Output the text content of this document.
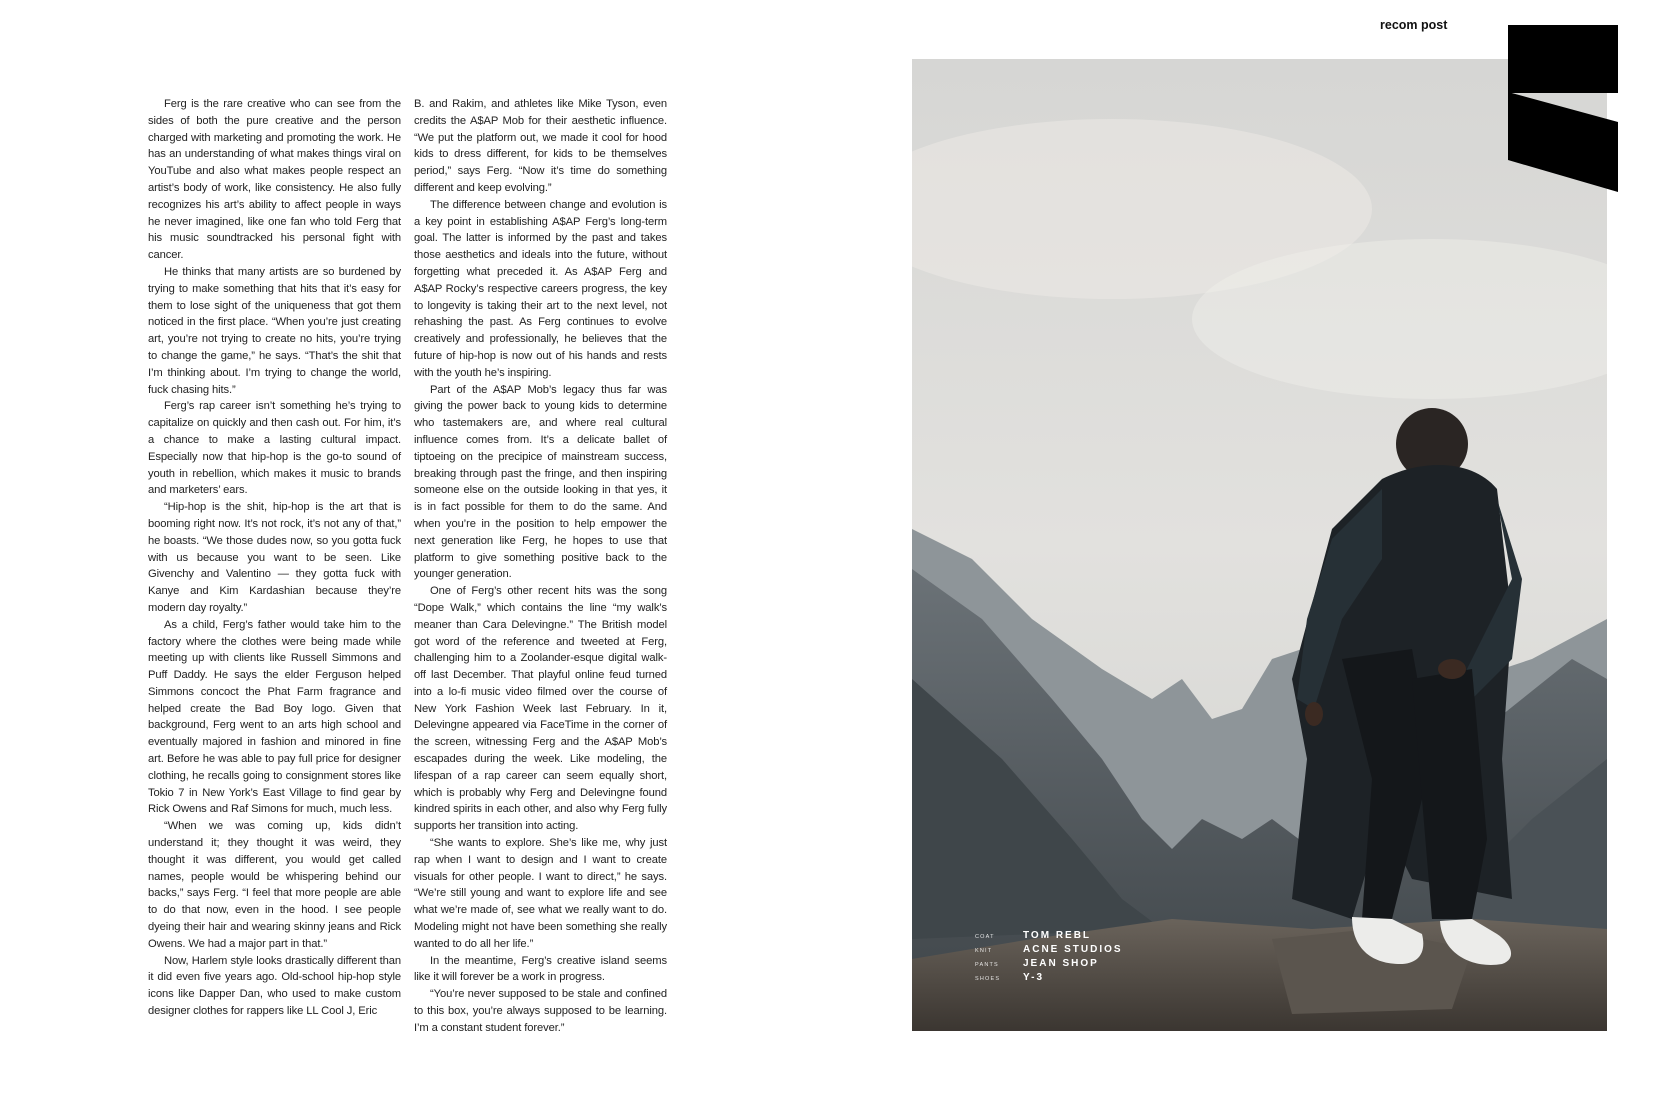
recom post

Ferg is the rare creative who can see from the sides of both the pure creative and the person charged with marketing and promoting the work. He has an understanding of what makes things viral on YouTube and also what makes people respect an artist’s body of work, like consistency. He also fully recognizes his art’s ability to affect people in ways he never imagined, like one fan who told Ferg that his music soundtracked his personal fight with cancer.

He thinks that many artists are so burdened by trying to make something that hits that it’s easy for them to lose sight of the uniqueness that got them noticed in the first place. “When you’re just creating art, you’re not trying to create no hits, you’re trying to change the game,” he says. “That’s the shit that I’m thinking about. I’m trying to change the world, fuck chasing hits.”

Ferg’s rap career isn’t something he’s trying to capitalize on quickly and then cash out. For him, it’s a chance to make a lasting cultural impact. Especially now that hip-hop is the go-to sound of youth in rebellion, which makes it music to brands and marketers’ ears.

“Hip-hop is the shit, hip-hop is the art that is booming right now. It’s not rock, it’s not any of that,” he boasts. “We those dudes now, so you gotta fuck with us because you want to be seen. Like Givenchy and Valentino — they gotta fuck with Kanye and Kim Kardashian because they’re modern day royalty.”

As a child, Ferg’s father would take him to the factory where the clothes were being made while meeting up with clients like Russell Simmons and Puff Daddy. He says the elder Ferguson helped Simmons concoct the Phat Farm fragrance and helped create the Bad Boy logo. Given that background, Ferg went to an arts high school and eventually majored in fashion and minored in fine art. Before he was able to pay full price for designer clothing, he recalls going to consignment stores like Tokio 7 in New York’s East Village to find gear by Rick Owens and Raf Simons for much, much less.

“When we was coming up, kids didn’t understand it; they thought it was weird, they thought it was different, you would get called names, people would be whispering behind our backs,” says Ferg. “I feel that more people are able to do that now, even in the hood. I see people dyeing their hair and wearing skinny jeans and Rick Owens. We had a major part in that.”

Now, Harlem style looks drastically different than it did even five years ago. Old-school hip-hop style icons like Dapper Dan, who used to make custom designer clothes for rappers like LL Cool J, Eric

B. and Rakim, and athletes like Mike Tyson, even credits the A$AP Mob for their aesthetic influence. “We put the platform out, we made it cool for hood kids to dress different, for kids to be themselves period,” says Ferg. “Now it’s time do something different and keep evolving.”

The difference between change and evolution is a key point in establishing A$AP Ferg’s long-term goal. The latter is informed by the past and takes those aesthetics and ideals into the future, without forgetting what preceded it. As A$AP Ferg and A$AP Rocky’s respective careers progress, the key to longevity is taking their art to the next level, not rehashing the past. As Ferg continues to evolve creatively and professionally, he believes that the future of hip-hop is now out of his hands and rests with the youth he’s inspiring.

Part of the A$AP Mob’s legacy thus far was giving the power back to young kids to determine who tastemakers are, and where real cultural influence comes from. It’s a delicate ballet of tiptoeing on the precipice of mainstream success, breaking through past the fringe, and then inspiring someone else on the outside looking in that yes, it is in fact possible for them to do the same. And when you’re in the position to help empower the next generation like Ferg, he hopes to use that platform to give something positive back to the younger generation.

One of Ferg’s other recent hits was the song “Dope Walk,” which contains the line “my walk’s meaner than Cara Delevingne.” The British model got word of the reference and tweeted at Ferg, challenging him to a Zoolander-esque digital walk-off last December. That playful online feud turned into a lo-fi music video filmed over the course of New York Fashion Week last February. In it, Delevingne appeared via FaceTime in the corner of the screen, witnessing Ferg and the A$AP Mob’s escapades during the week. Like modeling, the lifespan of a rap career can seem equally short, which is probably why Ferg and Delevingne found kindred spirits in each other, and also why Ferg fully supports her transition into acting.

“She wants to explore. She’s like me, why just rap when I want to design and I want to create visuals for other people. I want to direct,” he says. “We’re still young and want to explore life and see what we’re made of, see what we really want to do. Modeling might not have been something she really wanted to do all her life.”

In the meantime, Ferg’s creative island seems like it will forever be a work in progress.

“You’re never supposed to be stale and confined to this box, you’re always supposed to be learning. I’m a constant student forever.”

COAT	TOM REBL
KNIT	ACNE STUDIOS
PANTS	JEAN SHOP
SHOES	Y-3
